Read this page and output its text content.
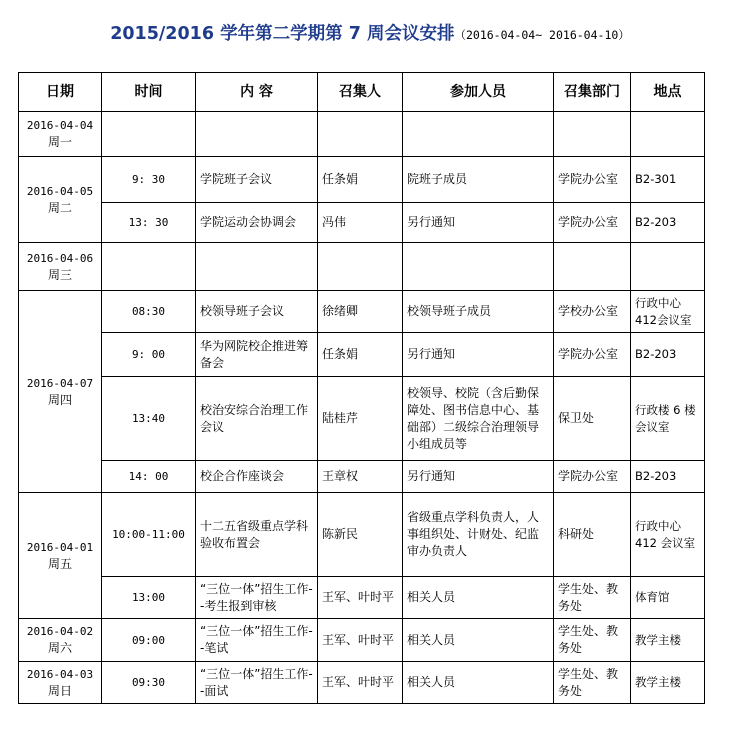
2015/2016 学年第二学期第 7 周会议安排（2016-04-04~ 2016-04-10）
日期	时间	内 容	召集人	参加人员	召集部门	地点

2016-04-04
周一						

2016-04-05
周二	9: 30	学院班子会议	任条娟	院班子成员	学院办公室	B2-301
	13: 30	学院运动会协调会	冯伟	另行通知	学院办公室	B2-203

2016-04-06
周三						

2016-04-07
周四	08:30	校领导班子会议	徐绪卿	校领导班子成员	学校办公室	行政中心412会议室
	9: 00	华为网院校企推进筹备会	任条娟	另行通知	学院办公室	B2-203
	13:40	校治安综合治理工作会议	陆桂芹	校领导、校院（含后勤保障处、图书信息中心、基础部）二级综合治理领导小组成员等	保卫处	行政楼 6 楼会议室
	14: 00	校企合作座谈会	王章权	另行通知	学院办公室	B2-203

2016-04-01
周五	10:00-11:00	十二五省级重点学科验收布置会	陈新民	省级重点学科负责人，人事组织处、计财处、纪监审办负责人	科研处	行政中心412 会议室
	13:00	“三位一体”招生工作--考生报到审核	王军、叶时平	相关人员	学生处、教务处	体育馆

2016-04-02
周六	09:00	“三位一体”招生工作--笔试	王军、叶时平	相关人员	学生处、教务处	教学主楼

2016-04-03
周日	09:30	“三位一体”招生工作--面试	王军、叶时平	相关人员	学生处、教务处	教学主楼
